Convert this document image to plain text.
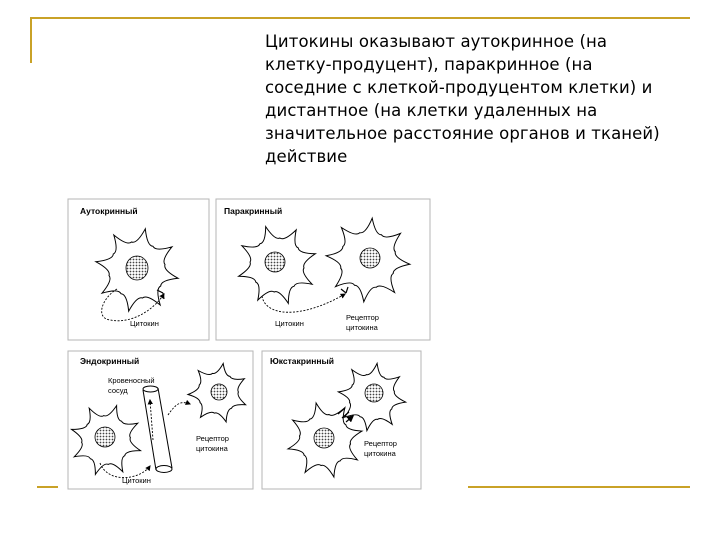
Цитокины оказывают аутокринное (на клетку-продуцент), паракринное (на соседние с клеткой-продуцентом клетки) и дистантное (на клетки удаленных на значительное расстояние органов и тканей) действие
Аутокринный
Цитокин
Паракринный
Цитокин
Рецептор
цитокина
Эндокринный
Кровеносный
сосуд
Цитокин
Рецептор
цитокина
Юкстакринный
Рецептор
цитокина
